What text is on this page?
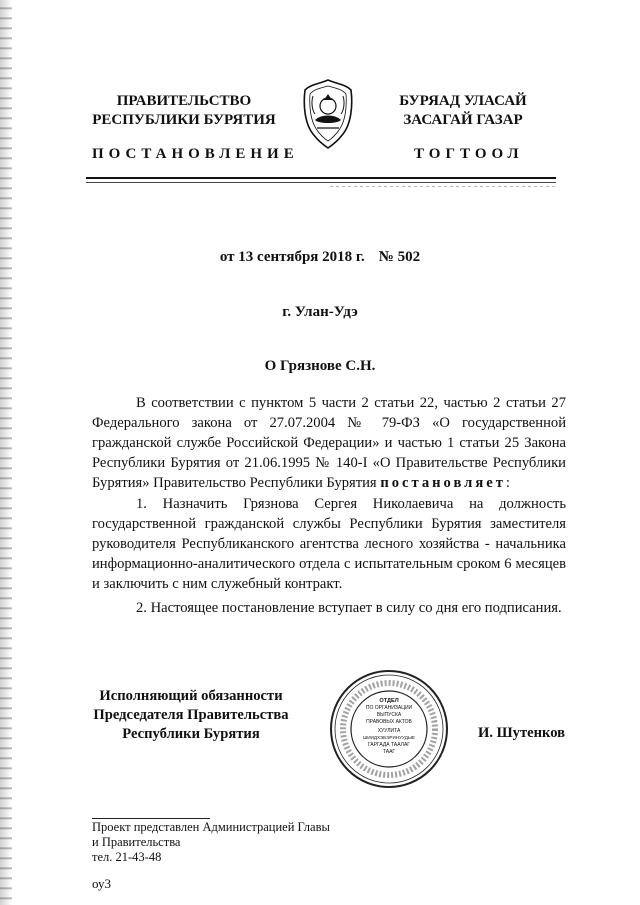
ПРАВИТЕЛЬСТВО
РЕСПУБЛИКИ БУРЯТИЯ
БУРЯАД УЛАСАЙ
ЗАСАГАЙ ГАЗАР
ПОСТАНОВЛЕНИЕ	ТОГТООЛ
от 13 сентября 2018 г. № 502
г. Улан-Удэ
О Грязнове С.Н.
В соответствии с пунктом 5 части 2 статьи 22, частью 2 статьи 27 Федерального закона от 27.07.2004 № 79-ФЗ «О государственной гражданской службе Российской Федерации» и частью 1 статьи 25 Закона Республики Бурятия от 21.06.1995 № 140-I «О Правительстве Республики Бурятия» Правительство Республики Бурятия постановляет:
1. Назначить Грязнова Сергея Николаевича на должность государственной гражданской службы Республики Бурятия заместителя руководителя Республиканского агентства лесного хозяйства - начальника информационно-аналитического отдела с испытательным сроком 6 месяцев и заключить с ним служебный контракт.
2. Настоящее постановление вступает в силу со дня его подписания.
Исполняющий обязанности
Председателя Правительства
Республики Бурятия
ОТДЕЛ
ПО ОРГАНИЗАЦИИ
ВЫПУСКА
ПРАВОВЫХ АКТОВ
ХУУЛИТА
ШИИДХЭБЭРИНУУДЫЕ
ГАРГАДА ТААЛАГ
ТААГ
И. Шутенков
Проект представлен Администрацией Главы
и Правительства
тел. 21-43-48
оу3
